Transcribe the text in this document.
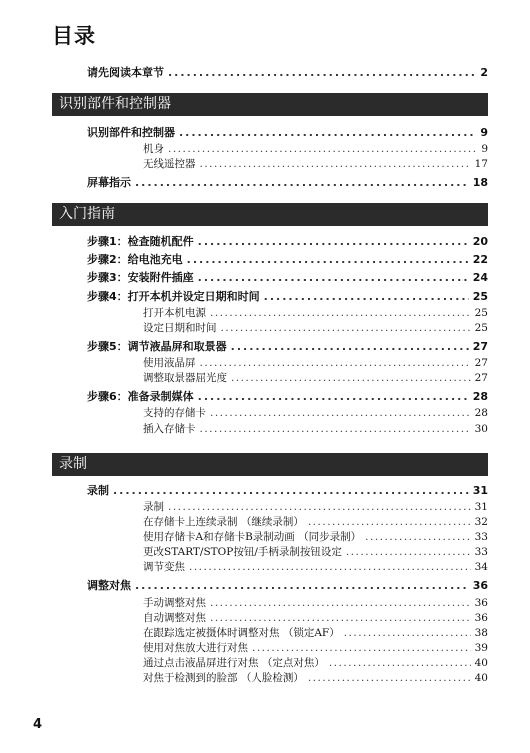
目录
请先阅读本章节 .....	2
识别部件和控制器
识别部件和控制器 .....	9
机身 .....	9
无线遥控器 .....	17
屏幕指示 .....	18
入门指南
步骤1：检查随机配件 .....	20
步骤2：给电池充电 .....	22
步骤3：安装附件插座 .....	24
步骤4：打开本机并设定日期和时间 .....	25
打开本机电源 .....	25
设定日期和时间 .....	25
步骤5：调节液晶屏和取景器 .....	27
使用液晶屏 .....	27
调整取景器屈光度 .....	27
步骤6：准备录制媒体 .....	28
支持的存储卡 .....	28
插入存储卡 .....	30
录制
录制 .....	31
录制 .....	31
在存储卡上连续录制 （继续录制） .....	32
使用存储卡A和存储卡B录制动画 （同步录制） .....	33
更改START/STOP按钮/手柄录制按钮设定 .....	33
调节变焦 .....	34
调整对焦 .....	36
手动调整对焦 .....	36
自动调整对焦 .....	36
在跟踪选定被摄体时调整对焦 （锁定AF） .....	38
使用对焦放大进行对焦 .....	39
通过点击液晶屏进行对焦 （定点对焦） .....	40
对焦于检测到的脸部 （人脸检测） .....	40
4
